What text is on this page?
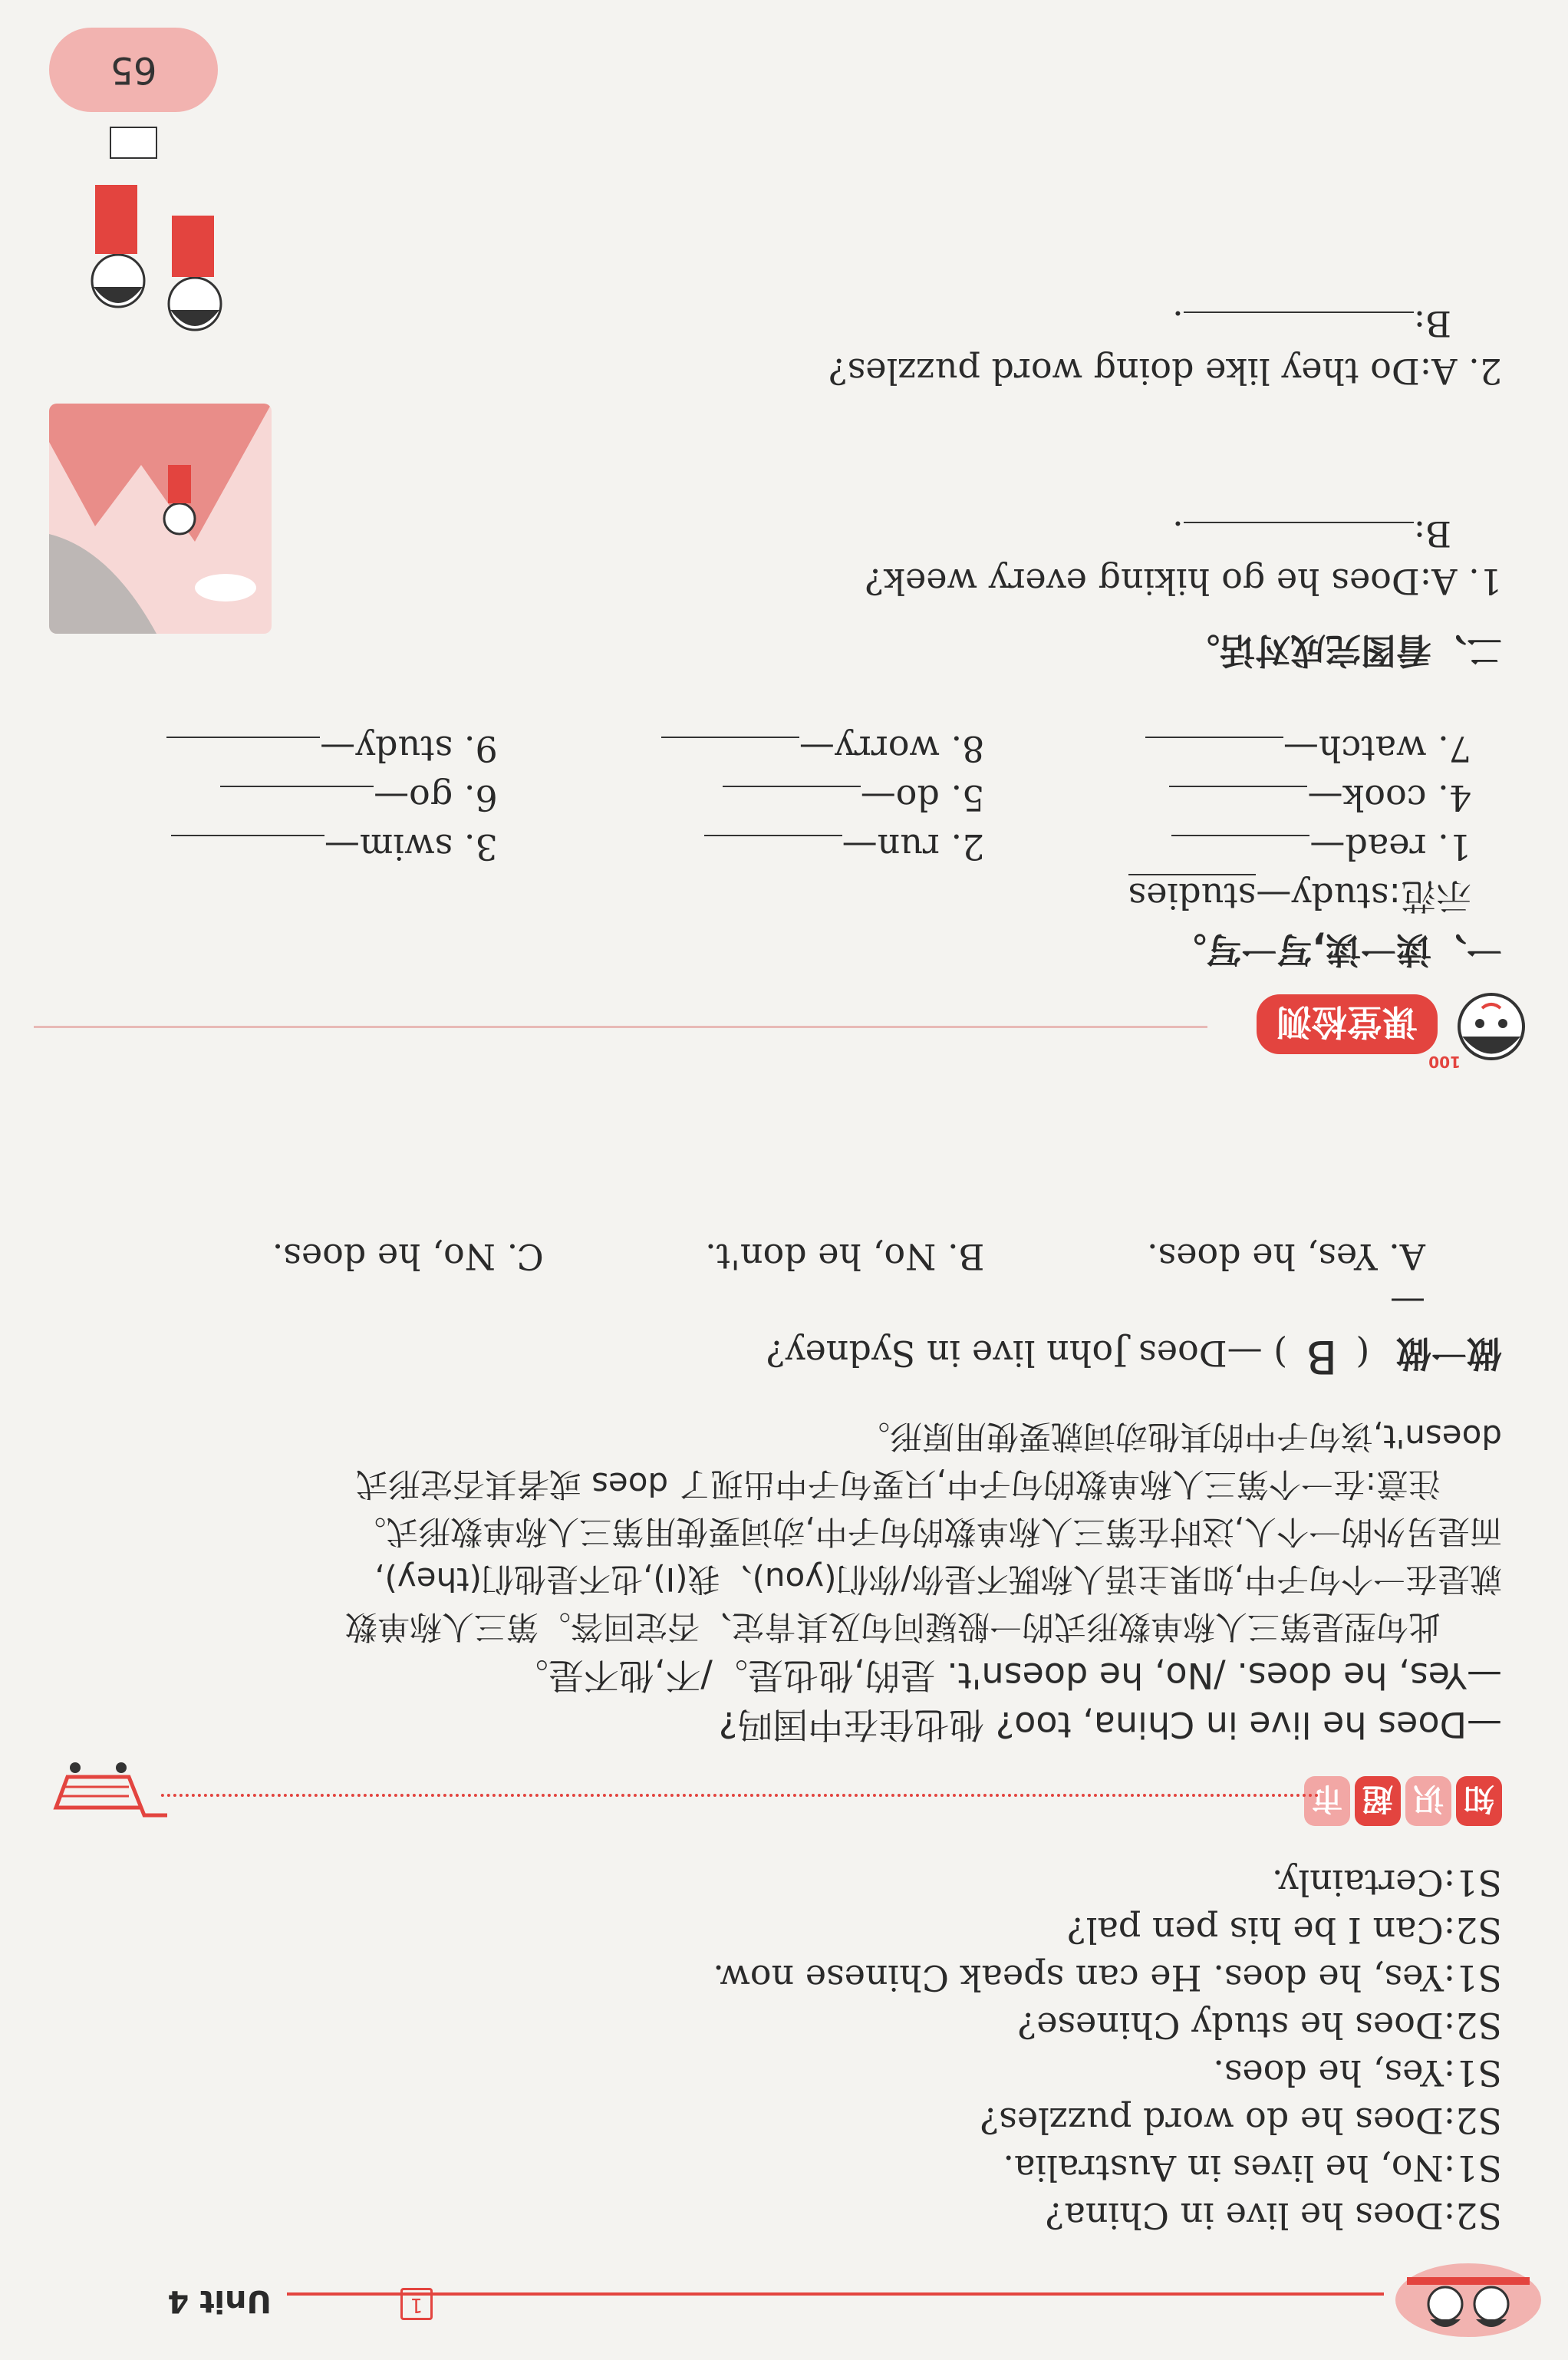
1
Unit 4
S2:Does he live in China?
S1:No, he lives in Australia.
S2:Does he do word puzzles?
S1:Yes, he does.
S2:Does he study Chinese?
S1:Yes, he does. He can speak Chinese now.
S2:Can I be his pen pal?
S1:Certainly.
知识超市
—Does he live in China, too? 他也住在中国吗?
—Yes, he does. /No, he doesn't. 是的,他也是。/不,他不是。
此句型是第三人称单数形式的一般疑问句及其肯定、否定回答。第三人称单数
就是在一个句子中,如果主语人称既不是你/你们(you)、我(I),也不是他们(they),
而是另外的一个人,这时在第三人称单数的句子中,动词要使用第三人称单数形式。
注意:在一个第三人称单数的句子中,只要句子中出现了 does 或者其否定形式
doesn't,该句子中的其他动词就要使用原形。
做一做 ( B ) —Does John live in Sydney?
—
A. Yes, he does. B. No, he don't. C. No, he does.
100
课堂检测
一、读一读,写一写。
示范:study—studies
1. read— 2. run— 3. swim—
4. cook— 5. do— 6. go—
7. watch— 8. worry— 9. study—
二、看图完成对话。
1. A:Does he go hiking every week?
B:.
2. A:Do they like doing word puzzles?
B:.
65
